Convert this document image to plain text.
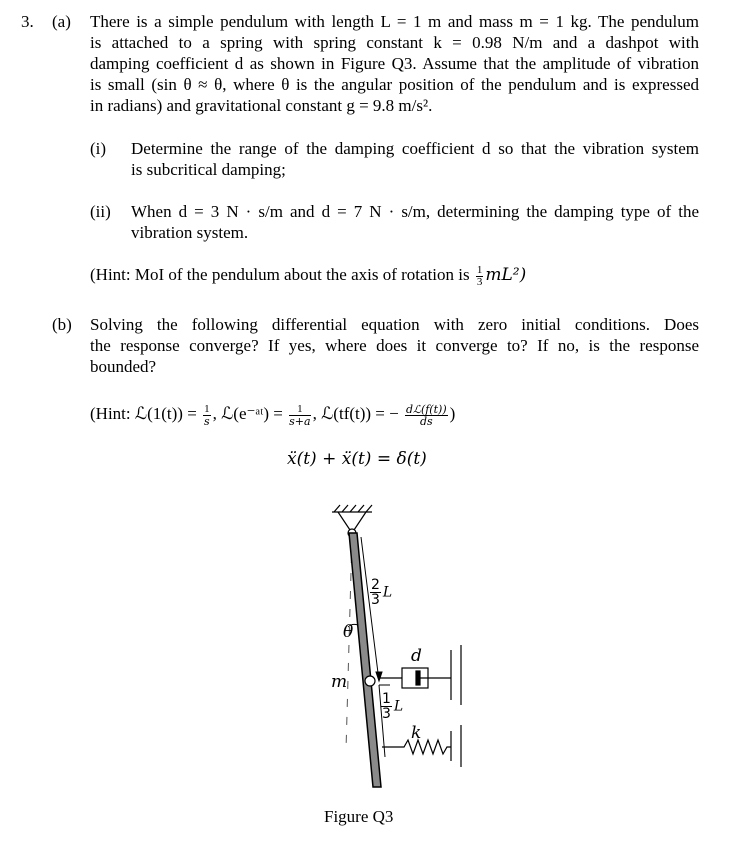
3. (a) There is a simple pendulum with length L = 1 m and mass m = 1 kg. The pendulum
is attached to a spring with spring constant k = 0.98 N/m and a dashpot with
damping coefficient d as shown in Figure Q3. Assume that the amplitude of vibration
is small (sin θ ≈ θ, where θ is the angular position of the pendulum and is expressed
in radians) and gravitational constant g = 9.8 m/s².
(i) Determine the range of the damping coefficient d so that the vibration system
is subcritical damping;
(ii) When d = 3 N · s/m and d = 7 N · s/m, determining the damping type of the
vibration system.
(Hint: MoI of the pendulum about the axis of rotation is $\frac{1}{3} mL^2$)
(b) Solving the following differential equation with zero initial conditions. Does
the response converge? If yes, where does it converge to? If no, is the response
bounded?
(Hint: ℒ(1(t)) = $\frac{1}{s}$ , ℒ(e⁻ᵃᵗ) = $\frac{1}{s+a}$ , ℒ(tf(t)) = − $\frac{\text{dℒ(f(t))}}{ds}$ )
ẍ(t) + ẍ(t) = δ(t)
$\frac{2}{3}$ L
θ
m
d
$\frac{1}{3}$ L
k
Figure Q3
